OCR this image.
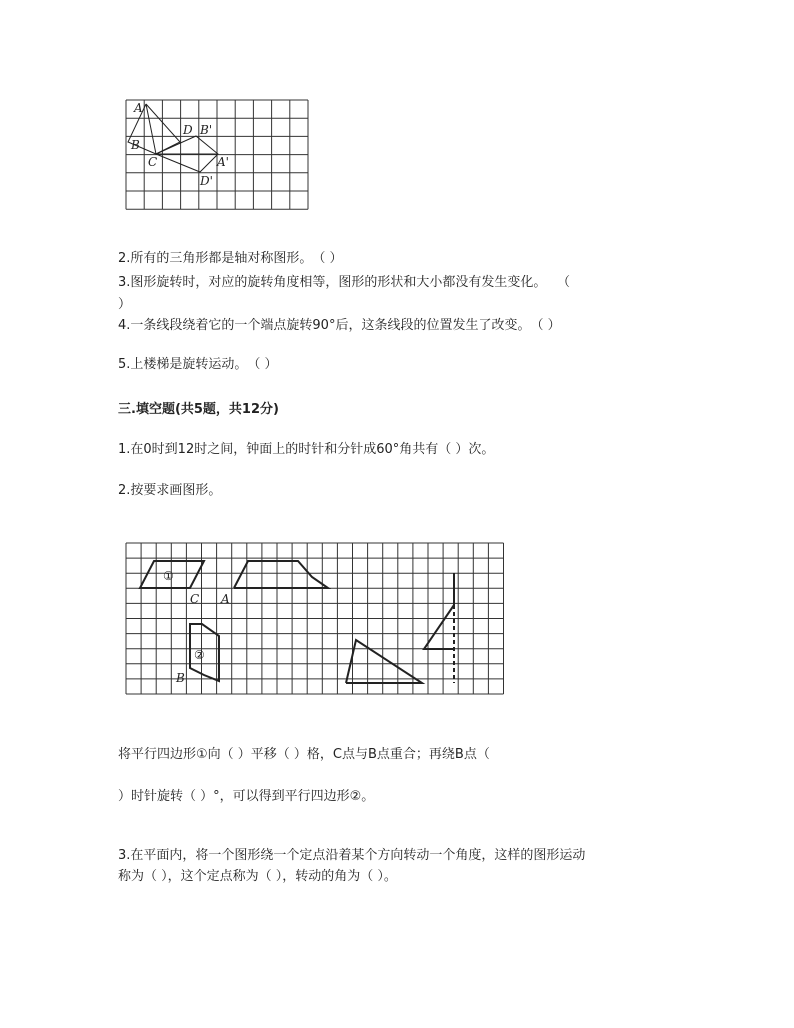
A
B
C
D B'
A'
D'
2.所有的三角形都是轴对称图形。　（ ）
3.图形旋转时，对应的旋转角度相等，图形的形状和大小都没有发生变化。　 （
）
4.一条线段绕着它的一个端点旋转90°后，这条线段的位置发生了改变。　（ ）
5.上楼梯是旋转运动。　（ ）
三.填空题(共5题，共12分)
1.在0时到12时之间，钟面上的时针和分针成60°角共有（ ）次。
2.按要求画图形。
①
②
A
B
C
将平行四边形①向（ ）平移（ ）格，C点与B点重合；再绕B点（
）时针旋转（ ）°，可以得到平行四边形②。
3.在平面内，将一个图形绕一个定点沿着某个方向转动一个角度，这样的图形运动
称为（ ），这个定点称为（ ），转动的角为（ ）。
